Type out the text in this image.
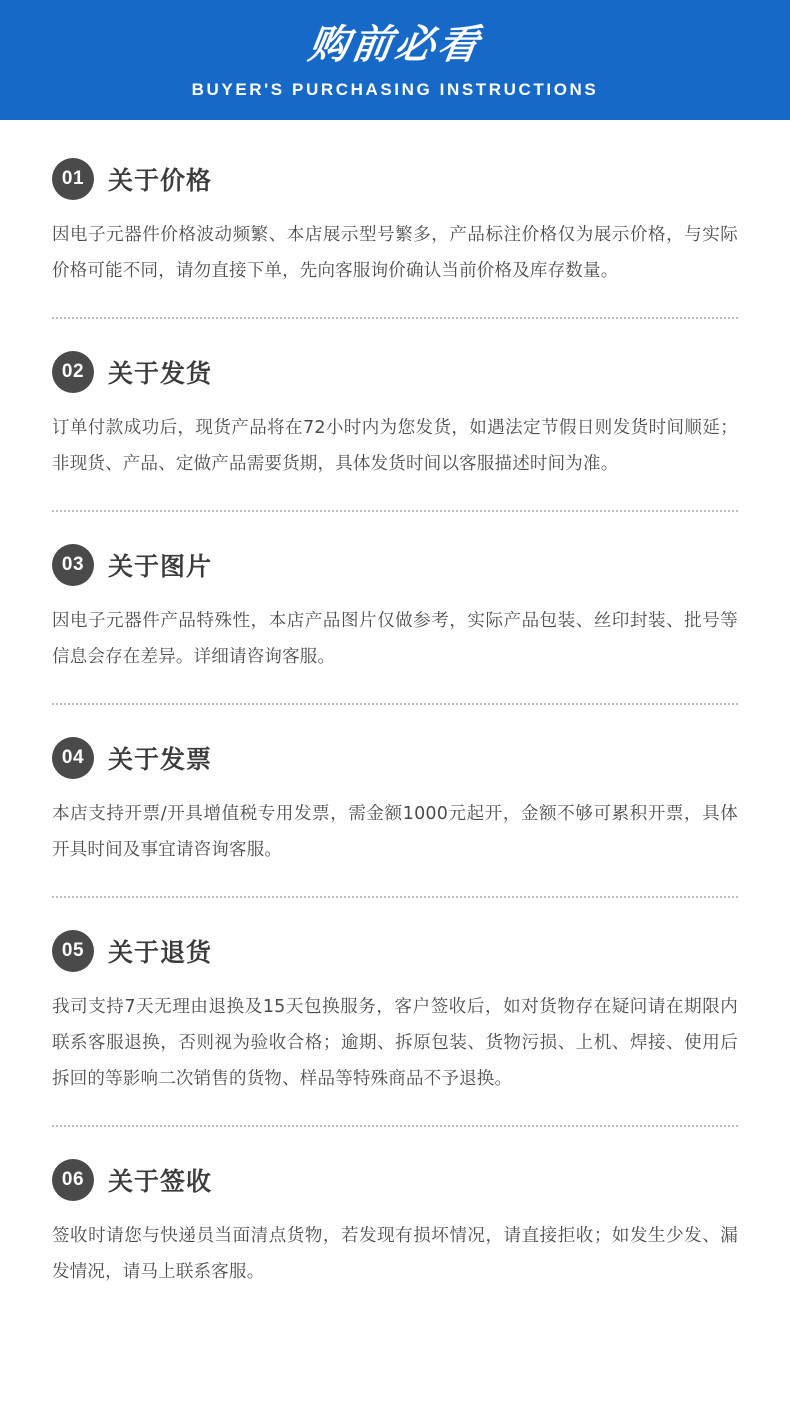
购前必看
BUYER'S PURCHASING INSTRUCTIONS
01 关于价格
因电子元器件价格波动频繁、本店展示型号繁多，产品标注价格仅为展示价格，与实际价格可能不同，请勿直接下单，先向客服询价确认当前价格及库存数量。
02 关于发货
订单付款成功后，现货产品将在72小时内为您发货，如遇法定节假日则发货时间顺延；非现货、产品、定做产品需要货期，具体发货时间以客服描述时间为准。
03 关于图片
因电子元器件产品特殊性，本店产品图片仅做参考，实际产品包装、丝印封装、批号等信息会存在差异。详细请咨询客服。
04 关于发票
本店支持开票/开具增值税专用发票，需金额1000元起开，金额不够可累积开票，具体开具时间及事宜请咨询客服。
05 关于退货
我司支持7天无理由退换及15天包换服务，客户签收后，如对货物存在疑问请在期限内联系客服退换，否则视为验收合格；逾期、拆原包装、货物污损、上机、焊接、使用后拆回的等影响二次销售的货物、样品等特殊商品不予退换。
06 关于签收
签收时请您与快递员当面清点货物，若发现有损坏情况，请直接拒收；如发生少发、漏发情况，请马上联系客服。
